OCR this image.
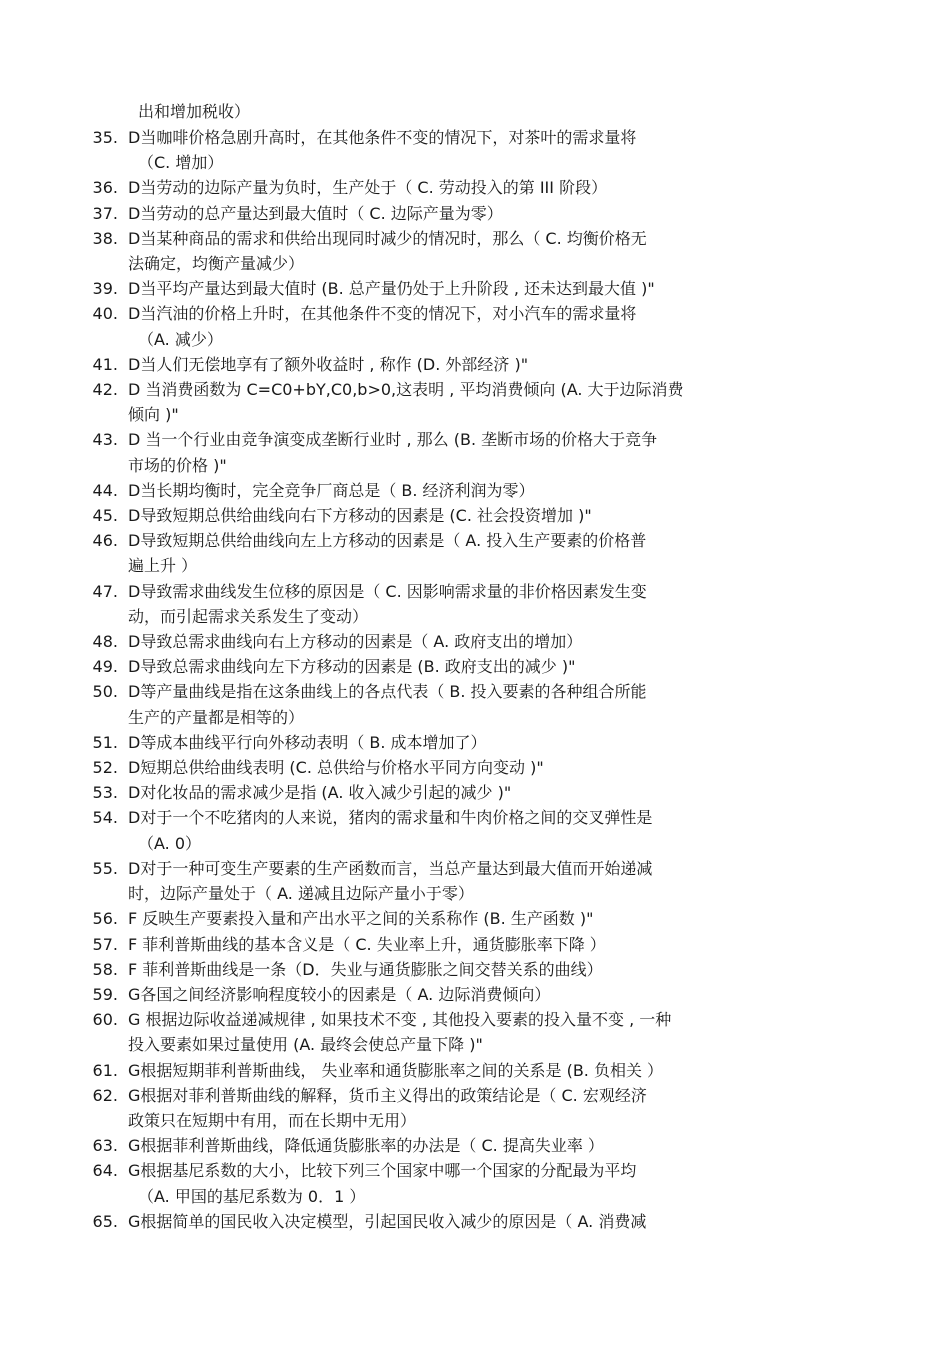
出和增加税收）
35. D当咖啡价格急剧升高时，在其他条件不变的情况下，对茶叶的需求量将
（C. 增加）
36. D当劳动的边际产量为负时，生产处于（ C. 劳动投入的第 III 阶段）
37. D当劳动的总产量达到最大值时（ C. 边际产量为零）
38. D当某种商品的需求和供给出现同时减少的情况时，那么（ C. 均衡价格无
法确定，均衡产量减少）
39. D当平均产量达到最大值时 (B. 总产量仍处于上升阶段 , 还未达到最大值 )"
40. D当汽油的价格上升时，在其他条件不变的情况下，对小汽车的需求量将
（A. 减少）
41. D当人们无偿地享有了额外收益时 , 称作 (D. 外部经济 )"
42. D 当消费函数为 C=C0+bY,C0,b>0,这表明 , 平均消费倾向 (A. 大于边际消费
倾向 )"
43. D 当一个行业由竞争演变成垄断行业时 , 那么 (B. 垄断市场的价格大于竞争
市场的价格 )"
44. D当长期均衡时，完全竞争厂商总是（ B. 经济利润为零）
45. D导致短期总供给曲线向右下方移动的因素是 (C. 社会投资增加 )"
46. D导致短期总供给曲线向左上方移动的因素是（ A. 投入生产要素的价格普
遍上升 ）
47. D导致需求曲线发生位移的原因是（ C. 因影响需求量的非价格因素发生变
动，而引起需求关系发生了变动）
48. D导致总需求曲线向右上方移动的因素是（ A. 政府支出的增加）
49. D导致总需求曲线向左下方移动的因素是 (B. 政府支出的减少 )"
50. D等产量曲线是指在这条曲线上的各点代表（ B. 投入要素的各种组合所能
生产的产量都是相等的）
51. D等成本曲线平行向外移动表明（ B. 成本增加了）
52. D短期总供给曲线表明 (C. 总供给与价格水平同方向变动 )"
53. D对化妆品的需求减少是指 (A. 收入减少引起的减少 )"
54. D对于一个不吃猪肉的人来说，猪肉的需求量和牛肉价格之间的交叉弹性是
（A. 0）
55. D对于一种可变生产要素的生产函数而言，当总产量达到最大值而开始递减
时，边际产量处于（ A. 递减且边际产量小于零）
56. F 反映生产要素投入量和产出水平之间的关系称作 (B. 生产函数 )"
57. F 菲利普斯曲线的基本含义是（ C. 失业率上升，通货膨胀率下降 ）
58. F 菲利普斯曲线是一条（D．失业与通货膨胀之间交替关系的曲线）
59. G各国之间经济影响程度较小的因素是（ A. 边际消费倾向）
60. G 根据边际收益递减规律 , 如果技术不变 , 其他投入要素的投入量不变 , 一种
投入要素如果过量使用 (A. 最终会使总产量下降 )"
61. G根据短期菲利普斯曲线， 失业率和通货膨胀率之间的关系是 (B. 负相关 ）
62. G根据对菲利普斯曲线的解释，货币主义得出的政策结论是（ C. 宏观经济
政策只在短期中有用，而在长期中无用）
63. G根据菲利普斯曲线，降低通货膨胀率的办法是（ C. 提高失业率 ）
64. G根据基尼系数的大小，比较下列三个国家中哪一个国家的分配最为平均
（A. 甲国的基尼系数为 0．1 ）
65. G根据简单的国民收入决定模型，引起国民收入减少的原因是（ A. 消费减
